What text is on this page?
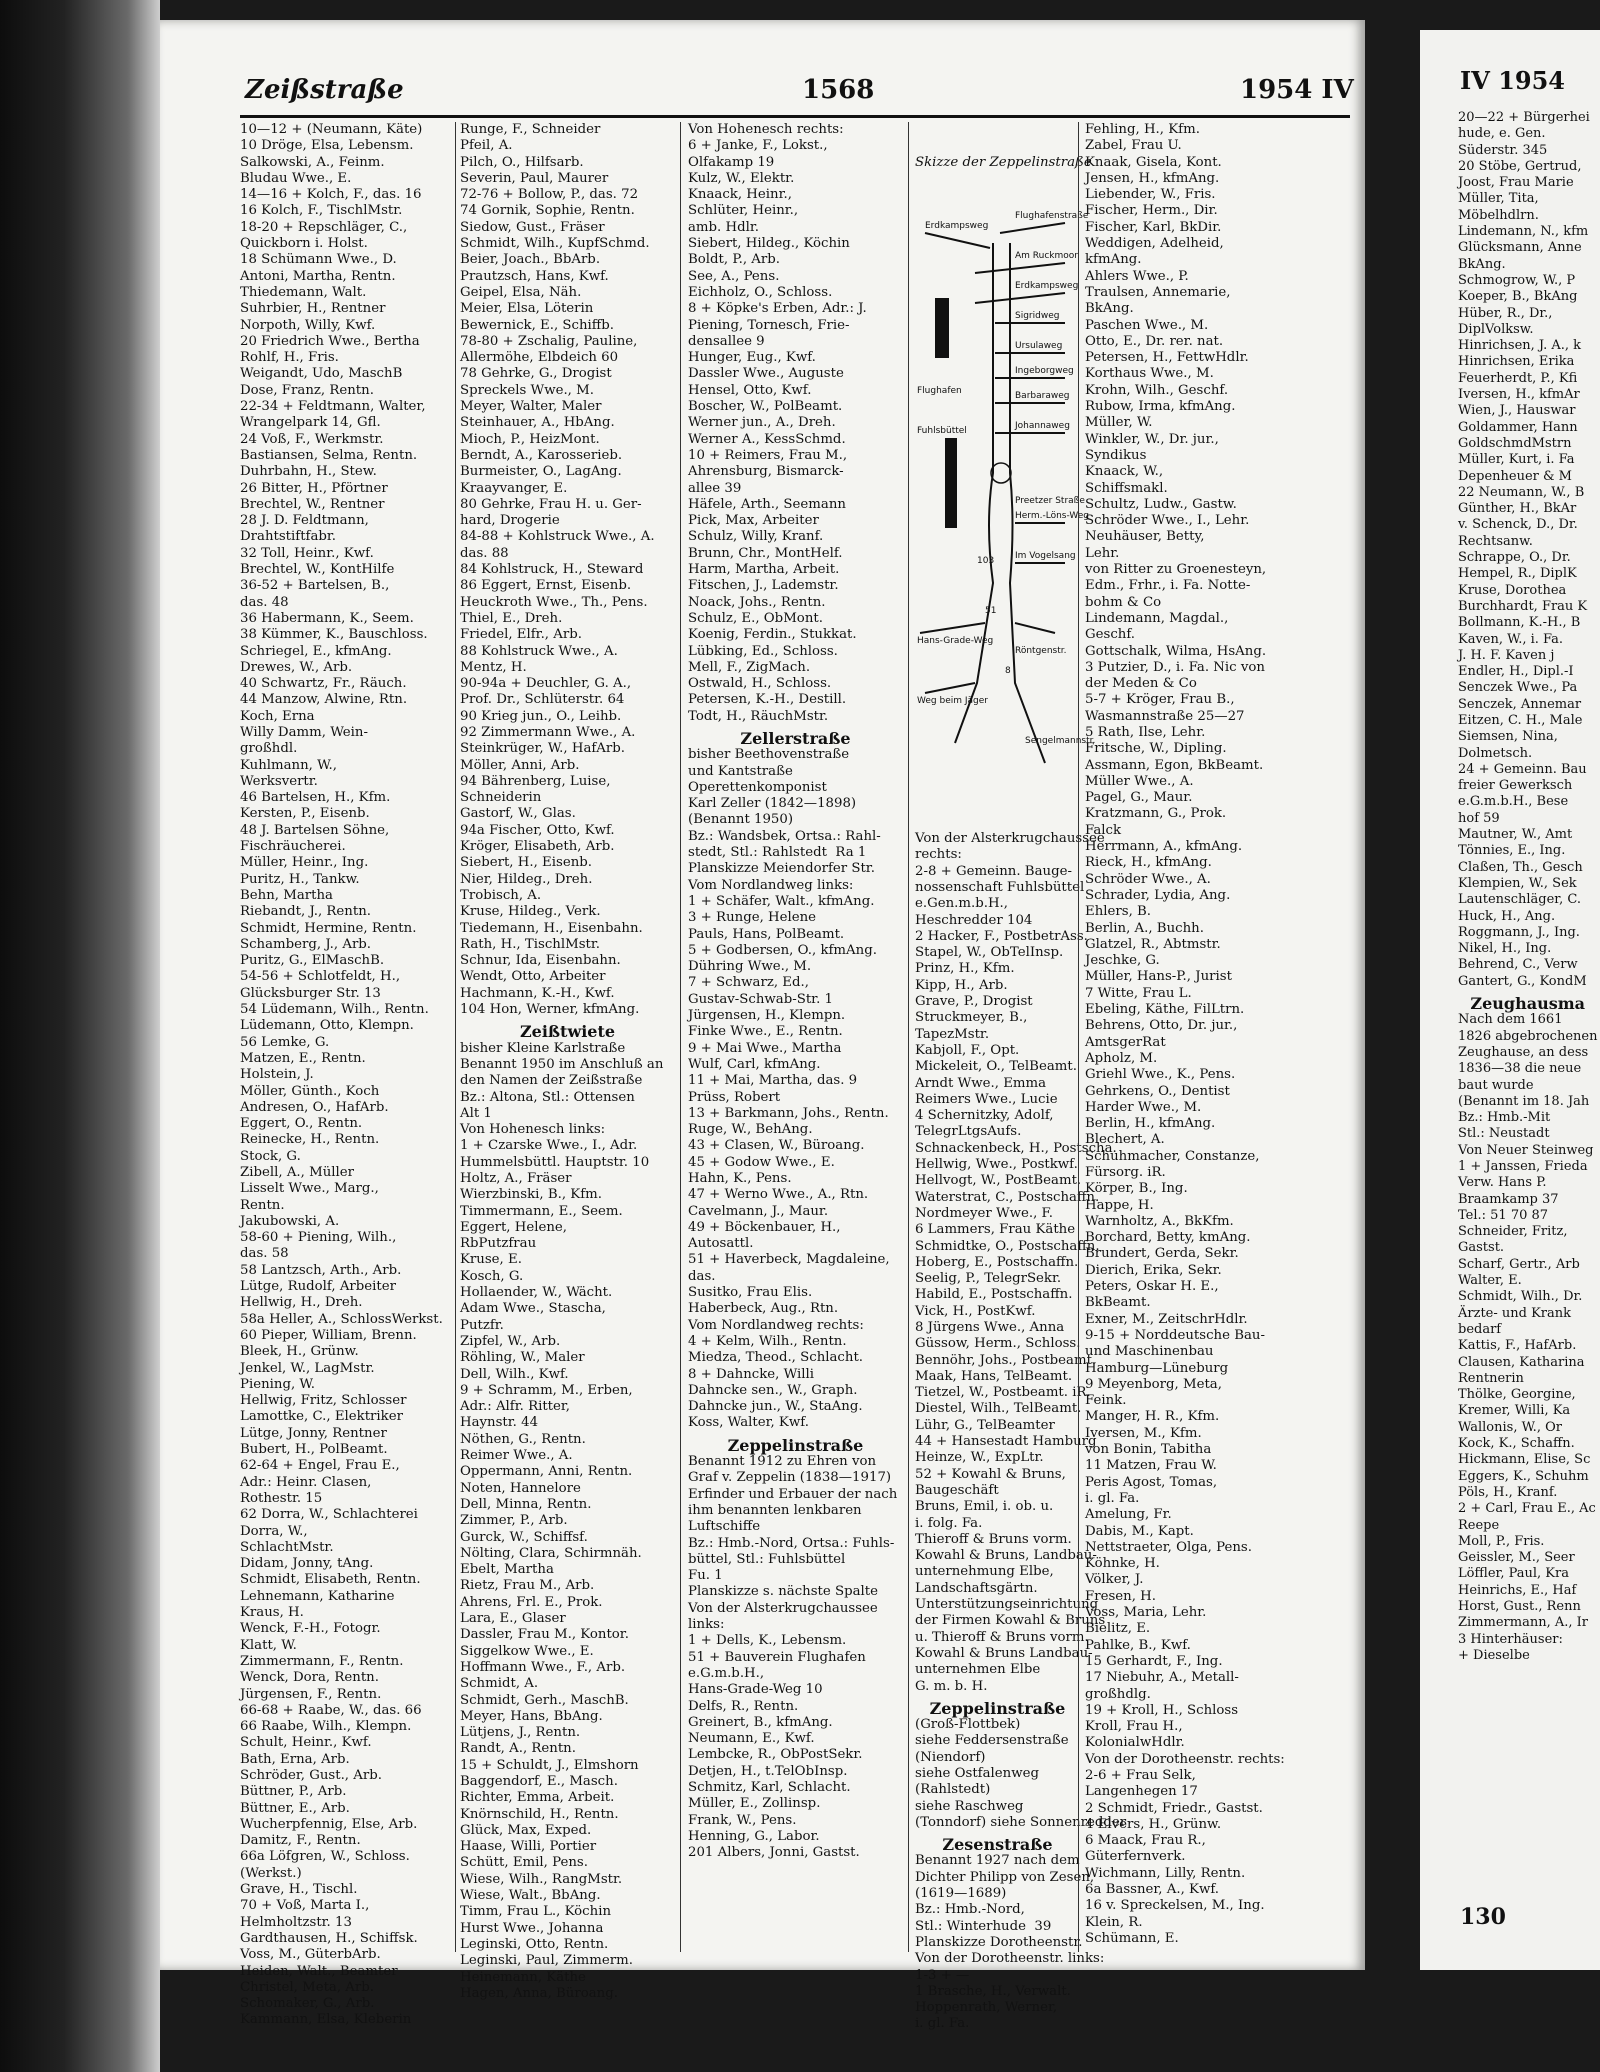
Zeißstraße	1568	1954 IV
10—12 + (Neumann, Käte)
10 Dröge, Elsa, Lebensm.
Salkowski, A., Feinm.
Bludau Wwe., E.
14—16 + Kolch, F., das. 16
16 Kolch, F., TischlMstr.
18-20 + Repschläger, C.,
Quickborn i. Holst.
18 Schümann Wwe., D.
Antoni, Martha, Rentn.
Thiedemann, Walt.
Suhrbier, H., Rentner
Norpoth, Willy, Kwf.
20 Friedrich Wwe., Bertha
Rohlf, H., Fris.
Weigandt, Udo, MaschB
Dose, Franz, Rentn.
22-34 + Feldtmann, Walter,
Wrangelpark 14, Gfl.
24 Voß, F., Werkmstr.
Bastiansen, Selma, Rentn.
Duhrbahn, H., Stew.
26 Bitter, H., Pförtner
Brechtel, W., Rentner
28 J. D. Feldtmann,
Drahtstiftfabr.
32 Toll, Heinr., Kwf.
Brechtel, W., KontHilfe
36-52 + Bartelsen, B.,
das. 48
36 Habermann, K., Seem.
38 Kümmer, K., Bauschloss.
Schriegel, E., kfmAng.
Drewes, W., Arb.
40 Schwartz, Fr., Räuch.
44 Manzow, Alwine, Rtn.
Koch, Erna
Willy Damm, Wein-
großhdl.
Kuhlmann, W.,
Werksvertr.
46 Bartelsen, H., Kfm.
Kersten, P., Eisenb.
48 J. Bartelsen Söhne,
Fischräucherei.
Müller, Heinr., Ing.
Puritz, H., Tankw.
Behn, Martha
Riebandt, J., Rentn.
Schmidt, Hermine, Rentn.
Schamberg, J., Arb.
Puritz, G., ElMaschB.
54-56 + Schlotfeldt, H.,
Glücksburger Str. 13
54 Lüdemann, Wilh., Rentn.
Lüdemann, Otto, Klempn.
56 Lemke, G.
Matzen, E., Rentn.
Holstein, J.
Möller, Günth., Koch
Andresen, O., HafArb.
Eggert, O., Rentn.
Reinecke, H., Rentn.
Stock, G.
Zibell, A., Müller
Lisselt Wwe., Marg.,
Rentn.
Jakubowski, A.
58-60 + Piening, Wilh.,
das. 58
58 Lantzsch, Arth., Arb.
Lütge, Rudolf, Arbeiter
Hellwig, H., Dreh.
58a Heller, A., SchlossWerkst.
60 Pieper, William, Brenn.
Bleek, H., Grünw.
Jenkel, W., LagMstr.
Piening, W.
Hellwig, Fritz, Schlosser
Lamottke, C., Elektriker
Lütge, Jonny, Rentner
Bubert, H., PolBeamt.
62-64 + Engel, Frau E.,
Adr.: Heinr. Clasen,
Rothestr. 15
62 Dorra, W., Schlachterei
Dorra, W.,
SchlachtMstr.
Didam, Jonny, tAng.
Schmidt, Elisabeth, Rentn.
Lehnemann, Katharine
Kraus, H.
Wenck, F.-H., Fotogr.
Klatt, W.
Zimmermann, F., Rentn.
Wenck, Dora, Rentn.
Jürgensen, F., Rentn.
66-68 + Raabe, W., das. 66
66 Raabe, Wilh., Klempn.
Schult, Heinr., Kwf.
Bath, Erna, Arb.
Schröder, Gust., Arb.
Büttner, P., Arb.
Büttner, E., Arb.
Wucherpfennig, Else, Arb.
Damitz, F., Rentn.
66a Löfgren, W., Schloss.
(Werkst.)
Grave, H., Tischl.
70 + Voß, Marta I.,
Helmholtzstr. 13
Gardthausen, H., Schiffsk.
Voss, M., GüterbArb.
Heiden, Walt., Beamter
Christel, Meta, Arb.
Schomaker, G., Arb.
Kammann, Elsa, Kleberin
Runge, F., Schneider
Pfeil, A.
Pilch, O., Hilfsarb.
Severin, Paul, Maurer
72-76 + Bollow, P., das. 72
74 Gornik, Sophie, Rentn.
Siedow, Gust., Fräser
Schmidt, Wilh., KupfSchmd.
Beier, Joach., BbArb.
Prautzsch, Hans, Kwf.
Geipel, Elsa, Näh.
Meier, Elsa, Löterin
Bewernick, E., Schiffb.
78-80 + Zschalig, Pauline,
Allermöhe, Elbdeich 60
78 Gehrke, G., Drogist
Spreckels Wwe., M.
Meyer, Walter, Maler
Steinhauer, A., HbAng.
Mioch, P., HeizMont.
Berndt, A., Karosserieb.
Burmeister, O., LagAng.
Kraayvanger, E.
80 Gehrke, Frau H. u. Ger-
hard, Drogerie
84-88 + Kohlstruck Wwe., A.
das. 88
84 Kohlstruck, H., Steward
86 Eggert, Ernst, Eisenb.
Heuckroth Wwe., Th., Pens.
Thiel, E., Dreh.
Friedel, Elfr., Arb.
88 Kohlstruck Wwe., A.
Mentz, H.
90-94a + Deuchler, G. A.,
Prof. Dr., Schlüterstr. 64
90 Krieg jun., O., Leihb.
92 Zimmermann Wwe., A.
Steinkrüger, W., HafArb.
Möller, Anni, Arb.
94 Bährenberg, Luise,
Schneiderin
Gastorf, W., Glas.
94a Fischer, Otto, Kwf.
Kröger, Elisabeth, Arb.
Siebert, H., Eisenb.
Nier, Hildeg., Dreh.
Trobisch, A.
Kruse, Hildeg., Verk.
Tiedemann, H., Eisenbahn.
Rath, H., TischlMstr.
Schnur, Ida, Eisenbahn.
Wendt, Otto, Arbeiter
Hachmann, K.-H., Kwf.
104 Hon, Werner, kfmAng.
Zeißtwiete
bisher Kleine Karlstraße
Benannt 1950 im Anschluß an
den Namen der Zeißstraße
Bz.: Altona, Stl.: Ottensen
Alt 1
Von Hohenesch links:
1 + Czarske Wwe., I., Adr.
Hummelsbüttl. Hauptstr. 10
Holtz, A., Fräser
Wierzbinski, B., Kfm.
Timmermann, E., Seem.
Eggert, Helene,
RbPutzfrau
Kruse, E.
Kosch, G.
Hollaender, W., Wächt.
Adam Wwe., Stascha,
Putzfr.
Zipfel, W., Arb.
Röhling, W., Maler
Dell, Wilh., Kwf.
9 + Schramm, M., Erben,
Adr.: Alfr. Ritter,
Haynstr. 44
Nöthen, G., Rentn.
Reimer Wwe., A.
Oppermann, Anni, Rentn.
Noten, Hannelore
Dell, Minna, Rentn.
Zimmer, P., Arb.
Gurck, W., Schiffsf.
Nölting, Clara, Schirmnäh.
Ebelt, Martha
Rietz, Frau M., Arb.
Ahrens, Frl. E., Prok.
Lara, E., Glaser
Dassler, Frau M., Kontor.
Siggelkow Wwe., E.
Hoffmann Wwe., F., Arb.
Schmidt, A.
Schmidt, Gerh., MaschB.
Meyer, Hans, BbAng.
Lütjens, J., Rentn.
Randt, A., Rentn.
15 + Schuldt, J., Elmshorn
Baggendorf, E., Masch.
Richter, Emma, Arbeit.
Knörnschild, H., Rentn.
Glück, Max, Exped.
Haase, Willi, Portier
Schütt, Emil, Pens.
Wiese, Wilh., RangMstr.
Wiese, Walt., BbAng.
Timm, Frau L., Köchin
Hurst Wwe., Johanna
Leginski, Otto, Rentn.
Leginski, Paul, Zimmerm.
Heinemann, Käthe
Hagen, Anna, Büroang.
Von Hohenesch rechts:
6 + Janke, F., Lokst.,
Olfakamp 19
Kulz, W., Elektr.
Knaack, Heinr.,
Schlüter, Heinr.,
amb. Hdlr.
Siebert, Hildeg., Köchin
Boldt, P., Arb.
See, A., Pens.
Eichholz, O., Schloss.
8 + Köpke's Erben, Adr.: J.
Piening, Tornesch, Frie-
densallee 9
Hunger, Eug., Kwf.
Dassler Wwe., Auguste
Hensel, Otto, Kwf.
Boscher, W., PolBeamt.
Werner jun., A., Dreh.
Werner A., KessSchmd.
10 + Reimers, Frau M.,
Ahrensburg, Bismarck-
allee 39
Häfele, Arth., Seemann
Pick, Max, Arbeiter
Schulz, Willy, Kranf.
Brunn, Chr., MontHelf.
Harm, Martha, Arbeit.
Fitschen, J., Lademstr.
Noack, Johs., Rentn.
Schulz, E., ObMont.
Koenig, Ferdin., Stukkat.
Lübking, Ed., Schloss.
Mell, F., ZigMach.
Ostwald, H., Schloss.
Petersen, K.-H., Destill.
Todt, H., RäuchMstr.
Zellerstraße
bisher Beethovenstraße
und Kantstraße
Operettenkomponist
Karl Zeller (1842—1898)
(Benannt 1950)
Bz.: Wandsbek, Ortsa.: Rahl-
stedt, Stl.: Rahlstedt  Ra 1
Planskizze Meiendorfer Str.
Vom Nordlandweg links:
1 + Schäfer, Walt., kfmAng.
3 + Runge, Helene
Pauls, Hans, PolBeamt.
5 + Godbersen, O., kfmAng.
Dühring Wwe., M.
7 + Schwarz, Ed.,
Gustav-Schwab-Str. 1
Jürgensen, H., Klempn.
Finke Wwe., E., Rentn.
9 + Mai Wwe., Martha
Wulf, Carl, kfmAng.
11 + Mai, Martha, das. 9
Prüss, Robert
13 + Barkmann, Johs., Rentn.
Ruge, W., BehAng.
43 + Clasen, W., Büroang.
45 + Godow Wwe., E.
Hahn, K., Pens.
47 + Werno Wwe., A., Rtn.
Cavelmann, J., Maur.
49 + Böckenbauer, H.,
Autosattl.
51 + Haverbeck, Magdaleine,
das.
Susitko, Frau Elis.
Haberbeck, Aug., Rtn.
Vom Nordlandweg rechts:
4 + Kelm, Wilh., Rentn.
Miedza, Theod., Schlacht.
8 + Dahncke, Willi
Dahncke sen., W., Graph.
Dahncke jun., W., StaAng.
Koss, Walter, Kwf.
Zeppelinstraße
Benannt 1912 zu Ehren von
Graf v. Zeppelin (1838—1917)
Erfinder und Erbauer der nach
ihm benannten lenkbaren
Luftschiffe
Bz.: Hmb.-Nord, Ortsa.: Fuhls-
büttel, Stl.: Fuhlsbüttel
Fu. 1
Planskizze s. nächste Spalte
Von der Alsterkrugchaussee
links:
1 + Dells, K., Lebensm.
51 + Bauverein Flughafen
e.G.m.b.H.,
Hans-Grade-Weg 10
Delfs, R., Rentn.
Greinert, B., kfmAng.
Neumann, E., Kwf.
Lembcke, R., ObPostSekr.
Detjen, H., t.TelObInsp.
Schmitz, Karl, Schlacht.
Müller, E., Zollinsp.
Frank, W., Pens.
Henning, G., Labor.
201 Albers, Jonni, Gastst.

Skizze der Zeppelinstraße

Erdkampsweg
Flughafenstraße
Am Ruckmoor
Erdkampsweg
Sigridweg
Ursulaweg
Ingeborgweg
Barbaraweg
Johannaweg
Flughafen
Fuhlsbüttel
Preetzer Straße
Herm.-Löns-Weg
Im Vogelsang
Hans-Grade-Weg
Weg beim Jäger
Röntgenstr.
Sengelmannstr.
103
51
8

Von der Alsterkrugchaussee
rechts:
2-8 + Gemeinn. Bauge-
nossenschaft Fuhlsbüttel
e.Gen.m.b.H.,
Heschredder 104
2 Hacker, F., PostbetrAss.
Stapel, W., ObTelInsp.
Prinz, H., Kfm.
Kipp, H., Arb.
Grave, P., Drogist
Struckmeyer, B.,
TapezMstr.
Kabjoll, F., Opt.
Mickeleit, O., TelBeamt.
Arndt Wwe., Emma
Reimers Wwe., Lucie
4 Schernitzky, Adolf,
TelegrLtgsAufs.
Schnackenbeck, H., Postscha.
Hellwig, Wwe., Postkwf.
Hellvogt, W., PostBeamt.
Waterstrat, C., Postschaffn.
Nordmeyer Wwe., F.
6 Lammers, Frau Käthe
Schmidtke, O., Postschaffn.
Hoberg, E., Postschaffn.
Seelig, P., TelegrSekr.
Habild, E., Postschaffn.
Vick, H., PostKwf.
8 Jürgens Wwe., Anna
Güssow, Herm., Schloss.
Bennöhr, Johs., Postbeamt.
Maak, Hans, TelBeamt.
Tietzel, W., Postbeamt. iR.
Diestel, Wilh., TelBeamt.
Lühr, G., TelBeamter
44 + Hansestadt Hamburg
Heinze, W., ExpLtr.
52 + Kowahl & Bruns,
Baugeschäft
Bruns, Emil, i. ob. u.
i. folg. Fa.
Thieroff & Bruns vorm.
Kowahl & Bruns, Landbau-
unternehmung Elbe,
Landschaftsgärtn.
Unterstützungseinrichtung
der Firmen Kowahl & Bruns
u. Thieroff & Bruns vorm.
Kowahl & Bruns Landbau-
unternehmen Elbe
G. m. b. H.
Zeppelinstraße
(Groß-Flottbek)
siehe Feddersenstraße
(Niendorf)
siehe Ostfalenweg
(Rahlstedt)
siehe Raschweg
(Tonndorf) siehe Sonnenredder
Zesenstraße
Benannt 1927 nach dem
Dichter Philipp von Zesen,
(1619—1689)
Bz.: Hmb.-Nord,
Stl.: Winterhude  39
Planskizze Dorotheenstr.
Von der Dorotheenstr. links:
1-3 + —
1 Brasche, H., Verwalt.
Hoppenrath, Werner,
i. gl. Fa.

Fehling, H., Kfm.
Zabel, Frau U.
Knaak, Gisela, Kont.
Jensen, H., kfmAng.
Liebender, W., Fris.
Fischer, Herm., Dir.
Fischer, Karl, BkDir.
Weddigen, Adelheid,
kfmAng.
Ahlers Wwe., P.
Traulsen, Annemarie,
BkAng.
Paschen Wwe., M.
Otto, E., Dr. rer. nat.
Petersen, H., FettwHdlr.
Korthaus Wwe., M.
Krohn, Wilh., Geschf.
Rubow, Irma, kfmAng.
Müller, W.
Winkler, W., Dr. jur.,
Syndikus
Knaack, W.,
Schiffsmakl.
Schultz, Ludw., Gastw.
Schröder Wwe., I., Lehr.
Neuhäuser, Betty,
Lehr.
von Ritter zu Groenesteyn,
Edm., Frhr., i. Fa. Notte-
bohm & Co
Lindemann, Magdal.,
Geschf.
Gottschalk, Wilma, HsAng.
3 Putzier, D., i. Fa. Nic von
der Meden & Co
5-7 + Kröger, Frau B.,
Wasmannstraße 25—27
5 Rath, Ilse, Lehr.
Fritsche, W., Dipling.
Assmann, Egon, BkBeamt.
Müller Wwe., A.
Pagel, G., Maur.
Kratzmann, G., Prok.
Falck
Herrmann, A., kfmAng.
Rieck, H., kfmAng.
Schröder Wwe., A.
Schrader, Lydia, Ang.
Ehlers, B.
Berlin, A., Buchh.
Glatzel, R., Abtmstr.
Jeschke, G.
Müller, Hans-P., Jurist
7 Witte, Frau L.
Ebeling, Käthe, FilLtrn.
Behrens, Otto, Dr. jur.,
AmtsgerRat
Apholz, M.
Griehl Wwe., K., Pens.
Gehrkens, O., Dentist
Harder Wwe., M.
Berlin, H., kfmAng.
Blechert, A.
Schuhmacher, Constanze,
Fürsorg. iR.
Körper, B., Ing.
Happe, H.
Warnholtz, A., BkKfm.
Borchard, Betty, kmAng.
Brundert, Gerda, Sekr.
Dierich, Erika, Sekr.
Peters, Oskar H. E.,
BkBeamt.
Exner, M., ZeitschrHdlr.
9-15 + Norddeutsche Bau-
und Maschinenbau
Hamburg—Lüneburg
9 Meyenborg, Meta,
Feink.
Manger, H. R., Kfm.
Iversen, M., Kfm.
von Bonin, Tabitha
11 Matzen, Frau W.
Peris Agost, Tomas,
i. gl. Fa.
Amelung, Fr.
Dabis, M., Kapt.
Nettstraeter, Olga, Pens.
Köhnke, H.
Völker, J.
Fresen, H.
Voss, Maria, Lehr.
Bielitz, E.
Pahlke, B., Kwf.
15 Gerhardt, F., Ing.
17 Niebuhr, A., Metall-
großhdlg.
19 + Kroll, H., Schloss
Kroll, Frau H.,
KolonialwHdlr.
Von der Dorotheenstr. rechts:
2-6 + Frau Selk,
Langenhegen 17
2 Schmidt, Friedr., Gastst.
4 Elvers, H., Grünw.
6 Maack, Frau R.,
Güterfernverk.
Wichmann, Lilly, Rentn.
6a Bassner, A., Kwf.
16 v. Spreckelsen, M., Ing.
Klein, R.
Schümann, E.
IV 1954
20—22 + Bürgerhei
hude, e. Gen.
Süderstr. 345
20 Stöbe, Gertrud,
Joost, Frau Marie
Müller, Tita,
Möbelhdlrn.
Lindemann, N., kfm
Glücksmann, Anne
BkAng.
Schmogrow, W., P
Koeper, B., BkAng
Hüber, R., Dr.,
DiplVolksw.
Hinrichsen, J. A., k
Hinrichsen, Erika
Feuerherdt, P., Kfi
Iversen, H., kfmAr
Wien, J., Hauswar
Goldammer, Hann
GoldschmdMstrn
Müller, Kurt, i. Fa
Depenheuer & M
22 Neumann, W., B
Günther, H., BkAr
v. Schenck, D., Dr.
Rechtsanw.
Schrappe, O., Dr.
Hempel, R., DiplK
Kruse, Dorothea
Burchhardt, Frau K
Bollmann, K.-H., B
Kaven, W., i. Fa.
J. H. F. Kaven j
Endler, H., Dipl.-I
Senczek Wwe., Pa
Senczek, Annemar
Eitzen, C. H., Male
Siemsen, Nina,
Dolmetsch.
24 + Gemeinn. Bau
freier Gewerksch
e.G.m.b.H., Bese
hof 59
Mautner, W., Amt
Tönnies, E., Ing.
Claßen, Th., Gesch
Klempien, W., Sek
Lautenschläger, C.
Huck, H., Ang.
Roggmann, J., Ing.
Nikel, H., Ing.
Behrend, C., Verw
Gantert, G., KondM
Zeughausma
Nach dem 1661
1826 abgebrochenen
Zeughause, an dess
1836—38 die neue
baut wurde
(Benannt im 18. Jah
Bz.: Hmb.-Mit
Stl.: Neustadt
Von Neuer Steinweg
1 + Janssen, Frieda
Verw. Hans P.
Braamkamp 37
Tel.: 51 70 87
Schneider, Fritz,
Gastst.
Scharf, Gertr., Arb
Walter, E.
Schmidt, Wilh., Dr.
Ärzte- und Krank
bedarf
Kattis, F., HafArb.
Clausen, Katharina
Rentnerin
Thölke, Georgine,
Kremer, Willi, Ka
Wallonis, W., Or
Kock, K., Schaffn.
Hickmann, Elise, Sc
Eggers, K., Schuhm
Pöls, H., Kranf.
2 + Carl, Frau E., Ac
Reepe
Moll, P., Fris.
Geissler, M., Seer
Löffler, Paul, Kra
Heinrichs, E., Haf
Horst, Gust., Renn
Zimmermann, A., Ir
3 Hinterhäuser:
+ Dieselbe
130
